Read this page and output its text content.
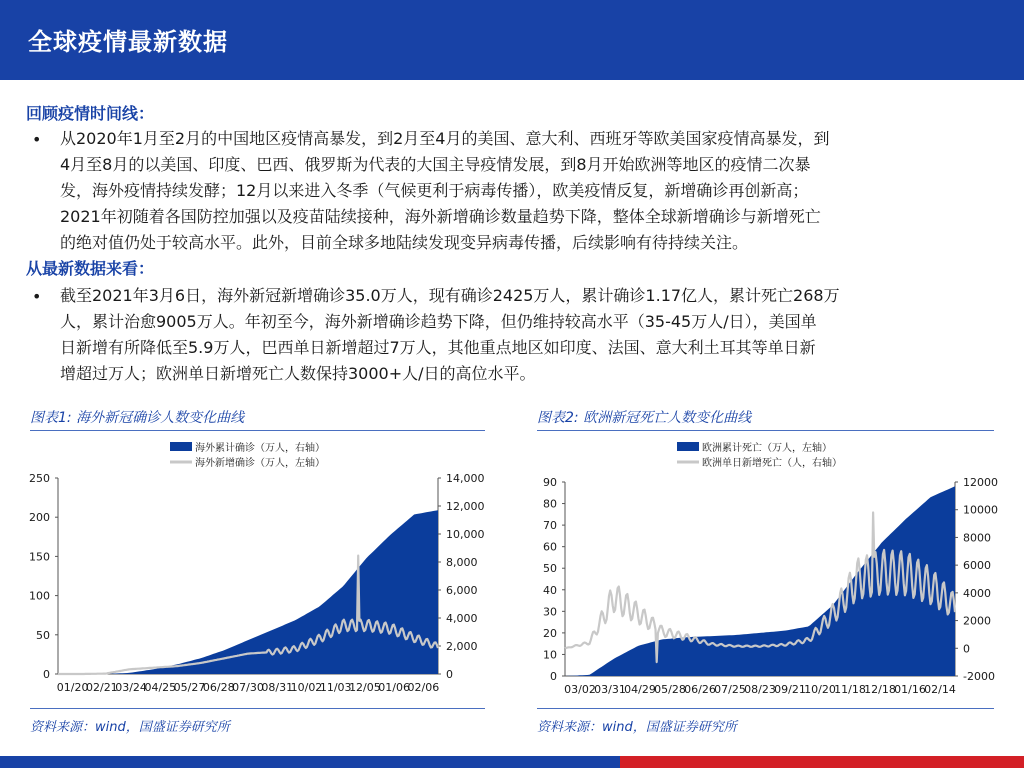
全球疫情最新数据
回顾疫情时间线：
• 从2020年1月至2月的中国地区疫情高暴发，到2月至4月的美国、意大利、西班牙等欧美国家疫情高暴发，到
4月至8月的以美国、印度、巴西、俄罗斯为代表的大国主导疫情发展，到8月开始欧洲等地区的疫情二次暴
发，海外疫情持续发酵；12月以来进入冬季（气候更利于病毒传播），欧美疫情反复，新增确诊再创新高；
2021年初随着各国防控加强以及疫苗陆续接种，海外新增确诊数量趋势下降，整体全球新增确诊与新增死亡
的绝对值仍处于较高水平。此外，目前全球多地陆续发现变异病毒传播，后续影响有待持续关注。
从最新数据来看：
• 截至2021年3月6日，海外新冠新增确诊35.0万人，现有确诊2425万人，累计确诊1.17亿人，累计死亡268万
人，累计治愈9005万人。年初至今，海外新增确诊趋势下降，但仍维持较高水平（35-45万人/日），美国单
日新增有所降低至5.9万人，巴西单日新增超过7万人，其他重点地区如印度、法国、意大利土耳其等单日新
增超过万人；欧洲单日新增死亡人数保持3000+人/日的高位水平。
图表1: 海外新冠确诊人数变化曲线	图表2: 欧洲新冠死亡人数变化曲线
海外累计确诊（万人，右轴）
海外新增确诊（万人，左轴）
0
50
100
150
200
250
0
2,000
4,000
6,000
8,000
10,000
12,000
14,000
01/20
02/21
03/24
04/25
05/27
06/28
07/30
08/31
10/02
11/03
12/05
01/06
02/06
欧洲累计死亡（万人，左轴）
欧洲单日新增死亡（人，右轴）
0
10
20
30
40
50
60
70
80
90
-2000
0
2000
4000
6000
8000
10000
12000
03/02
03/31
04/29
05/28
06/26
07/25
08/23
09/21
10/20
11/18
12/18
01/16
02/14
资料来源：wind，国盛证券研究所	资料来源：wind，国盛证券研究所
